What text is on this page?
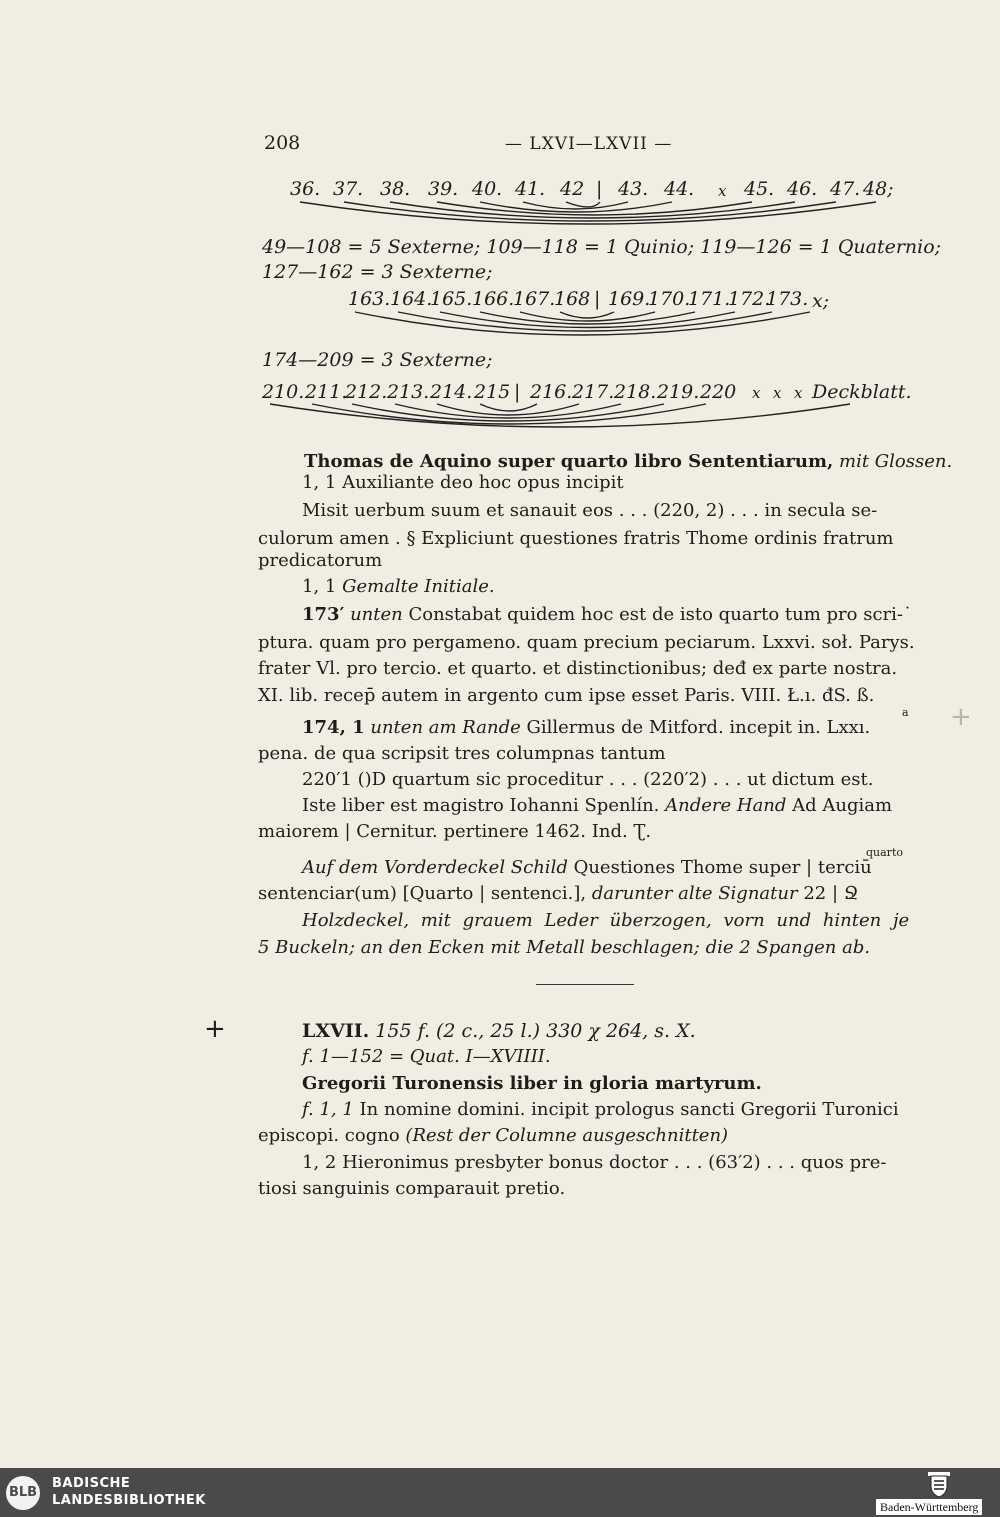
208	— LXVI—LXVII —
36. 37. 38. 39. 40. 41. 42 | 43. 44. x 45. 46. 47. 48;
49—108 = 5 Sexterne; 109—118 = 1 Quinio; 119—126 = 1 Quaternio;
127—162 = 3 Sexterne;
163. 164.
165. 166.
167.
168 | 169.
170.
171.
172.
173. x;
174—209 = 3 Sexterne;
210. 211.
212. 213. 214. 215 | 216. 217. 218. 219. 220 x x x Deckblatt.
Thomas de Aquino super quarto libro Sententiarum, mit Glossen.
1, 1 Auxiliante deo hoc opus incipit
Misit uerbum suum et sanauit eos . . . (220, 2) . . . in secula se-
culorum amen . § Expliciunt questiones fratris Thome ordinis fratrum
predicatorum
1, 1 Gemalte Initiale.
173′ unten Constabat quidem hoc est de isto quarto tum pro scri-˙
ptura. quam pro pergameno. quam precium peciarum. Lxxvi. soł. Parys.
frater Vl. pro tercio. et quarto. et distinctionibus; deđ ex parte nostra.
XI. lib. recep̄ autem in argento cum ipse esset Paris. VIII. Ł.ı. đS. ß.
a
174, 1 unten am Rande Gillermus de Mitford. incepit in. Lxxı.
pena. de qua scripsit tres columpnas tantum
220′1 ()D quartum sic proceditur . . . (220′2) . . . ut dictum est.
Iste liber est magistro Iohanni Spenlín. Andere Hand Ad Augiam
maiorem | Cernitur. pertinere 1462. Ind. Ʈ.
quarto
Auf dem Vorderdeckel Schild Questiones Thome super | terciū
sentenciar(um) [Quarto | sentenci.], darunter alte Signatur 22 | Ջ
Holzdeckel, mit grauem Leder überzogen, vorn und hinten je
5 Buckeln; an den Ecken mit Metall beschlagen; die 2 Spangen ab.
+	LXVII. 155 f. (2 c., 25 l.) 330 χ 264, s. X.
f. 1—152 = Quat. I—XVIIII.
Gregorii Turonensis liber in gloria martyrum.
f. 1, 1 In nomine domini. incipit prologus sancti Gregorii Turonici
episcopi. cogno (Rest der Columne ausgeschnitten)
1, 2 Hieronimus presbyter bonus doctor . . . (63′2) . . . quos pre-
tiosi sanguinis comparauit pretio.
+
BLB
BADISCHE
LANDESBIBLIOTHEK	Baden-Württemberg
